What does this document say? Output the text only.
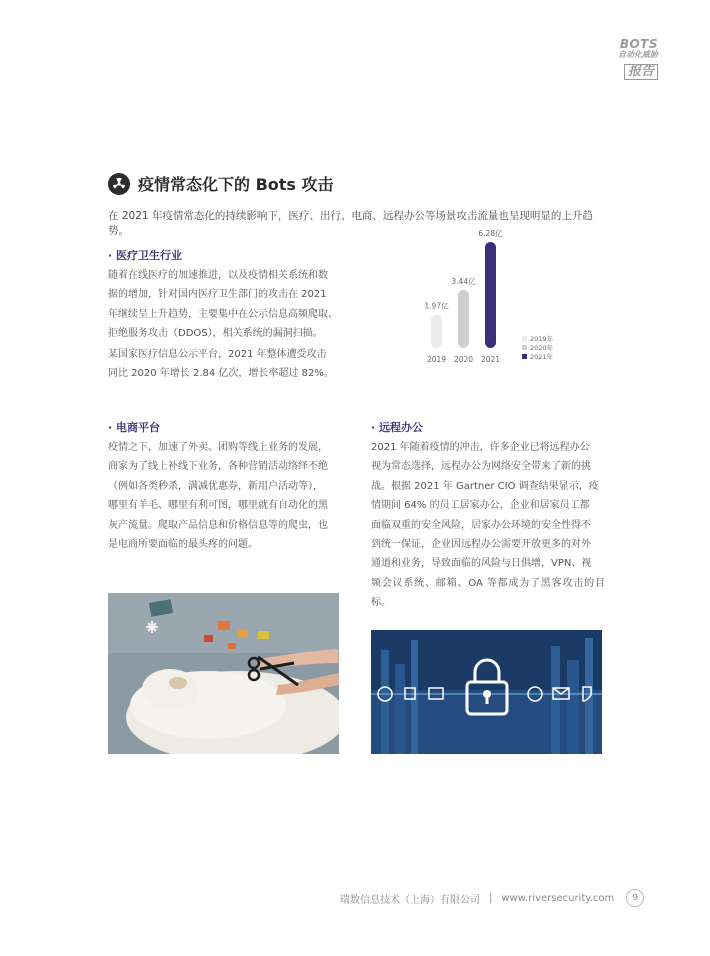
BOTS
自动化威胁
报告
疫情常态化下的 Bots 攻击
在 2021 年疫情常态化的持续影响下，医疗、出行、电商、远程办公等场景攻击流量也呈现明显的上升趋势。
· 医疗卫生行业
随着在线医疗的加速推进，以及疫情相关系统和数
据的增加，针对国内医疗卫生部门的攻击在 2021
年继续呈上升趋势，主要集中在公示信息高频爬取、
拒绝服务攻击（DDOS），相关系统的漏洞扫描。
某国家医疗信息公示平台，2021 年整体遭受攻击
同比 2020 年增长 2.84 亿次，增长率超过 82%。
1.97亿
2019
3.44亿
2020
6.28亿
2021
2019年
2020年
2021年
· 电商平台
疫情之下，加速了外卖、团购等线上业务的发展，
商家为了线上补线下业务，各种营销活动络绎不绝
（例如各类秒杀，满减优惠券，新用户活动等），
哪里有羊毛、哪里有利可图，哪里就有自动化的黑
灰产流量。爬取产品信息和价格信息等的爬虫，也
是电商所要面临的最头疼的问题。
· 远程办公
2021 年随着疫情的冲击，许多企业已将远程办公
视为常态选择，远程办公为网络安全带来了新的挑
战。根据 2021 年 Gartner CIO 调查结果显示，疫
情期间 64% 的员工居家办公，企业和居家员工都
面临双重的安全风险，居家办公环境的安全性得不
到统一保证，企业因远程办公需要开放更多的对外
通道和业务，导致面临的风险与日俱增，VPN、视
频会议系统、邮箱、OA 等都成为了黑客攻击的目标。
瑞数信息技术（上海）有限公司 | www.riversecurity.com	9
